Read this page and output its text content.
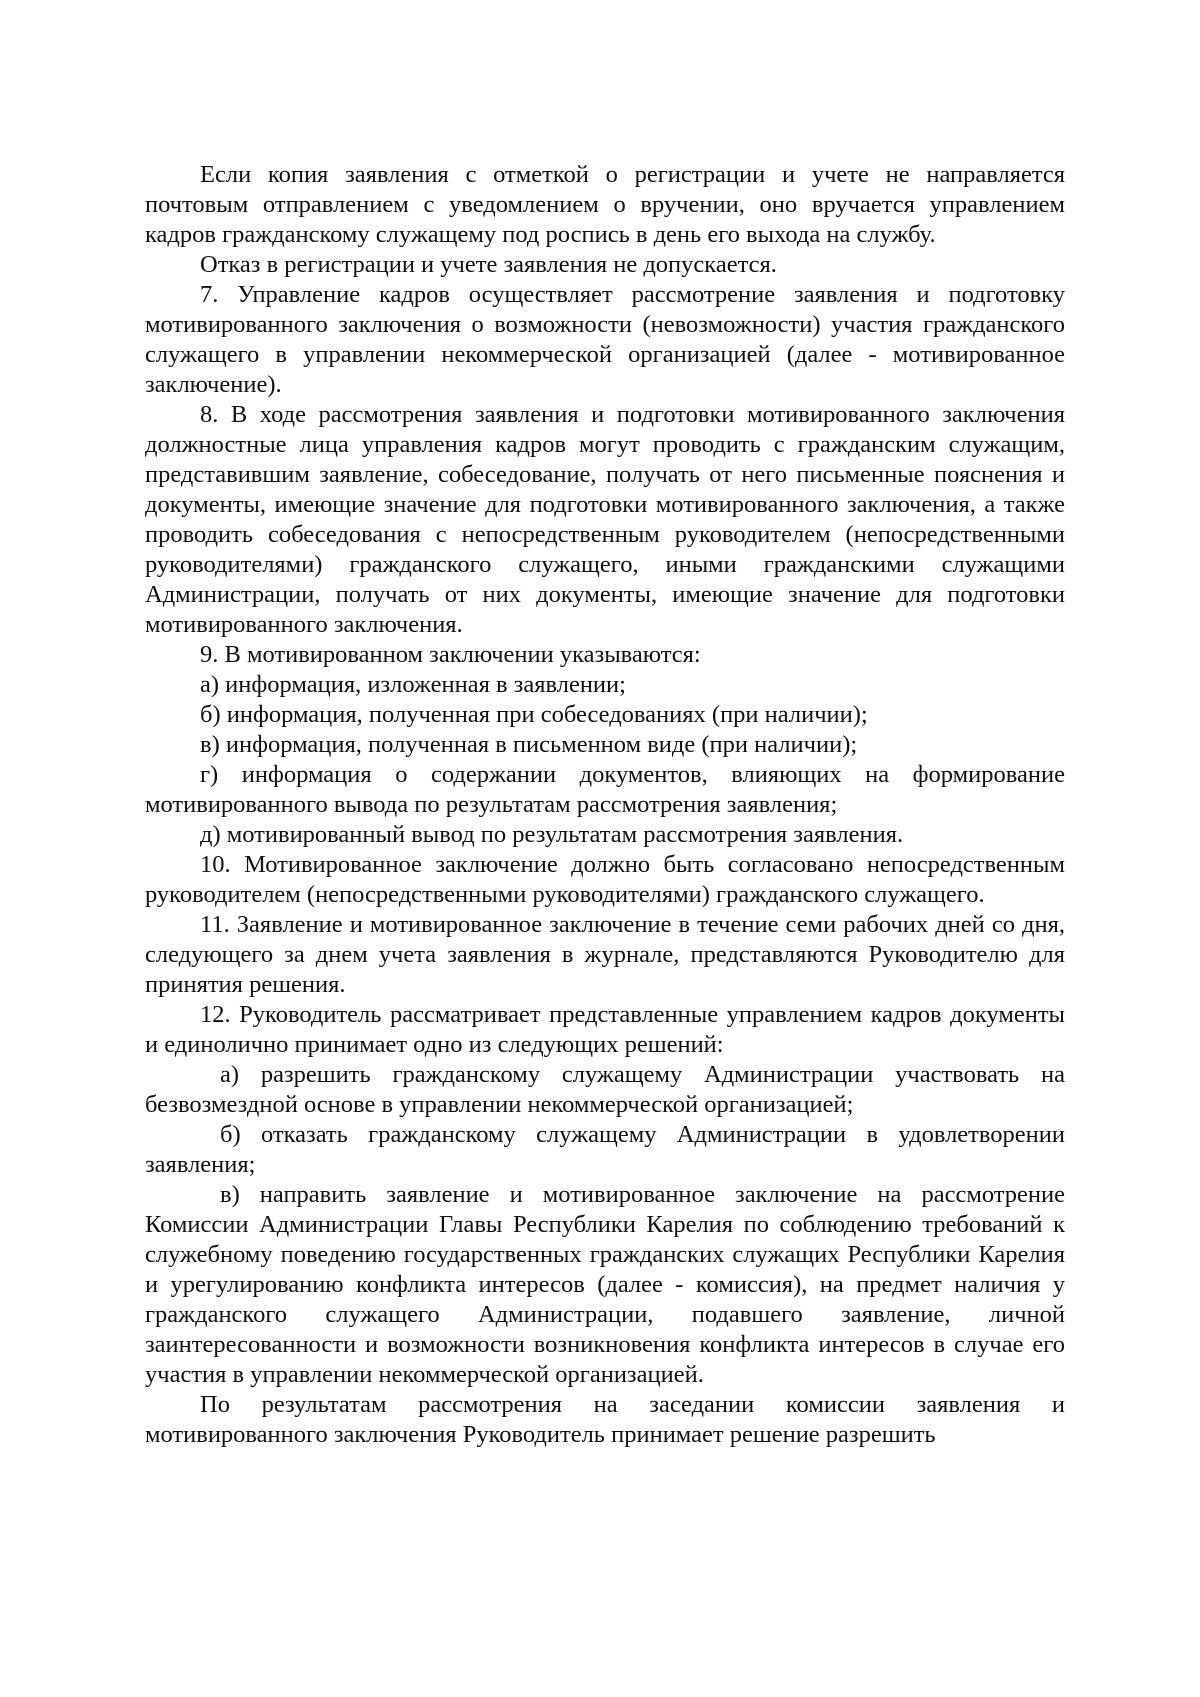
Если копия заявления с отметкой о регистрации и учете не направляется почтовым отправлением с уведомлением о вручении, оно вручается управлением кадров гражданскому служащему под роспись в день его выхода на службу.

Отказ в регистрации и учете заявления не допускается.

7. Управление кадров осуществляет рассмотрение заявления и подготовку мотивированного заключения о возможности (невозможности) участия гражданского служащего в управлении некоммерческой организацией (далее - мотивированное заключение).

8. В ходе рассмотрения заявления и подготовки мотивированного заключения должностные лица управления кадров могут проводить с гражданским служащим, представившим заявление, собеседование, получать от него письменные пояснения и документы, имеющие значение для подготовки мотивированного заключения, а также проводить собеседования с непосредственным руководителем (непосредственными руководителями) гражданского служащего, иными гражданскими служащими Администрации, получать от них документы, имеющие значение для подготовки мотивированного заключения.

9. В мотивированном заключении указываются:

а) информация, изложенная в заявлении;

б) информация, полученная при собеседованиях (при наличии);

в) информация, полученная в письменном виде (при наличии);

г) информация о содержании документов, влияющих на формирование мотивированного вывода по результатам рассмотрения заявления;

д) мотивированный вывод по результатам рассмотрения заявления.

10. Мотивированное заключение должно быть согласовано непосредственным руководителем (непосредственными руководителями) гражданского служащего.

11. Заявление и мотивированное заключение в течение семи рабочих дней со дня, следующего за днем учета заявления в журнале, представляются Руководителю для принятия решения.

12. Руководитель рассматривает представленные управлением кадров документы и единолично принимает одно из следующих решений:

а) разрешить гражданскому служащему Администрации участвовать на безвозмездной основе в управлении некоммерческой организацией;

б) отказать гражданскому служащему Администрации в удовлетворении заявления;

в) направить заявление и мотивированное заключение на рассмотрение Комиссии Администрации Главы Республики Карелия по соблюдению требований к служебному поведению государственных гражданских служащих Республики Карелия и урегулированию конфликта интересов (далее - комиссия), на предмет наличия у гражданского служащего Администрации, подавшего заявление, личной заинтересованности и возможности возникновения конфликта интересов в случае его участия в управлении некоммерческой организацией.

По результатам рассмотрения на заседании комиссии заявления и мотивированного заключения Руководитель принимает решение разрешить
